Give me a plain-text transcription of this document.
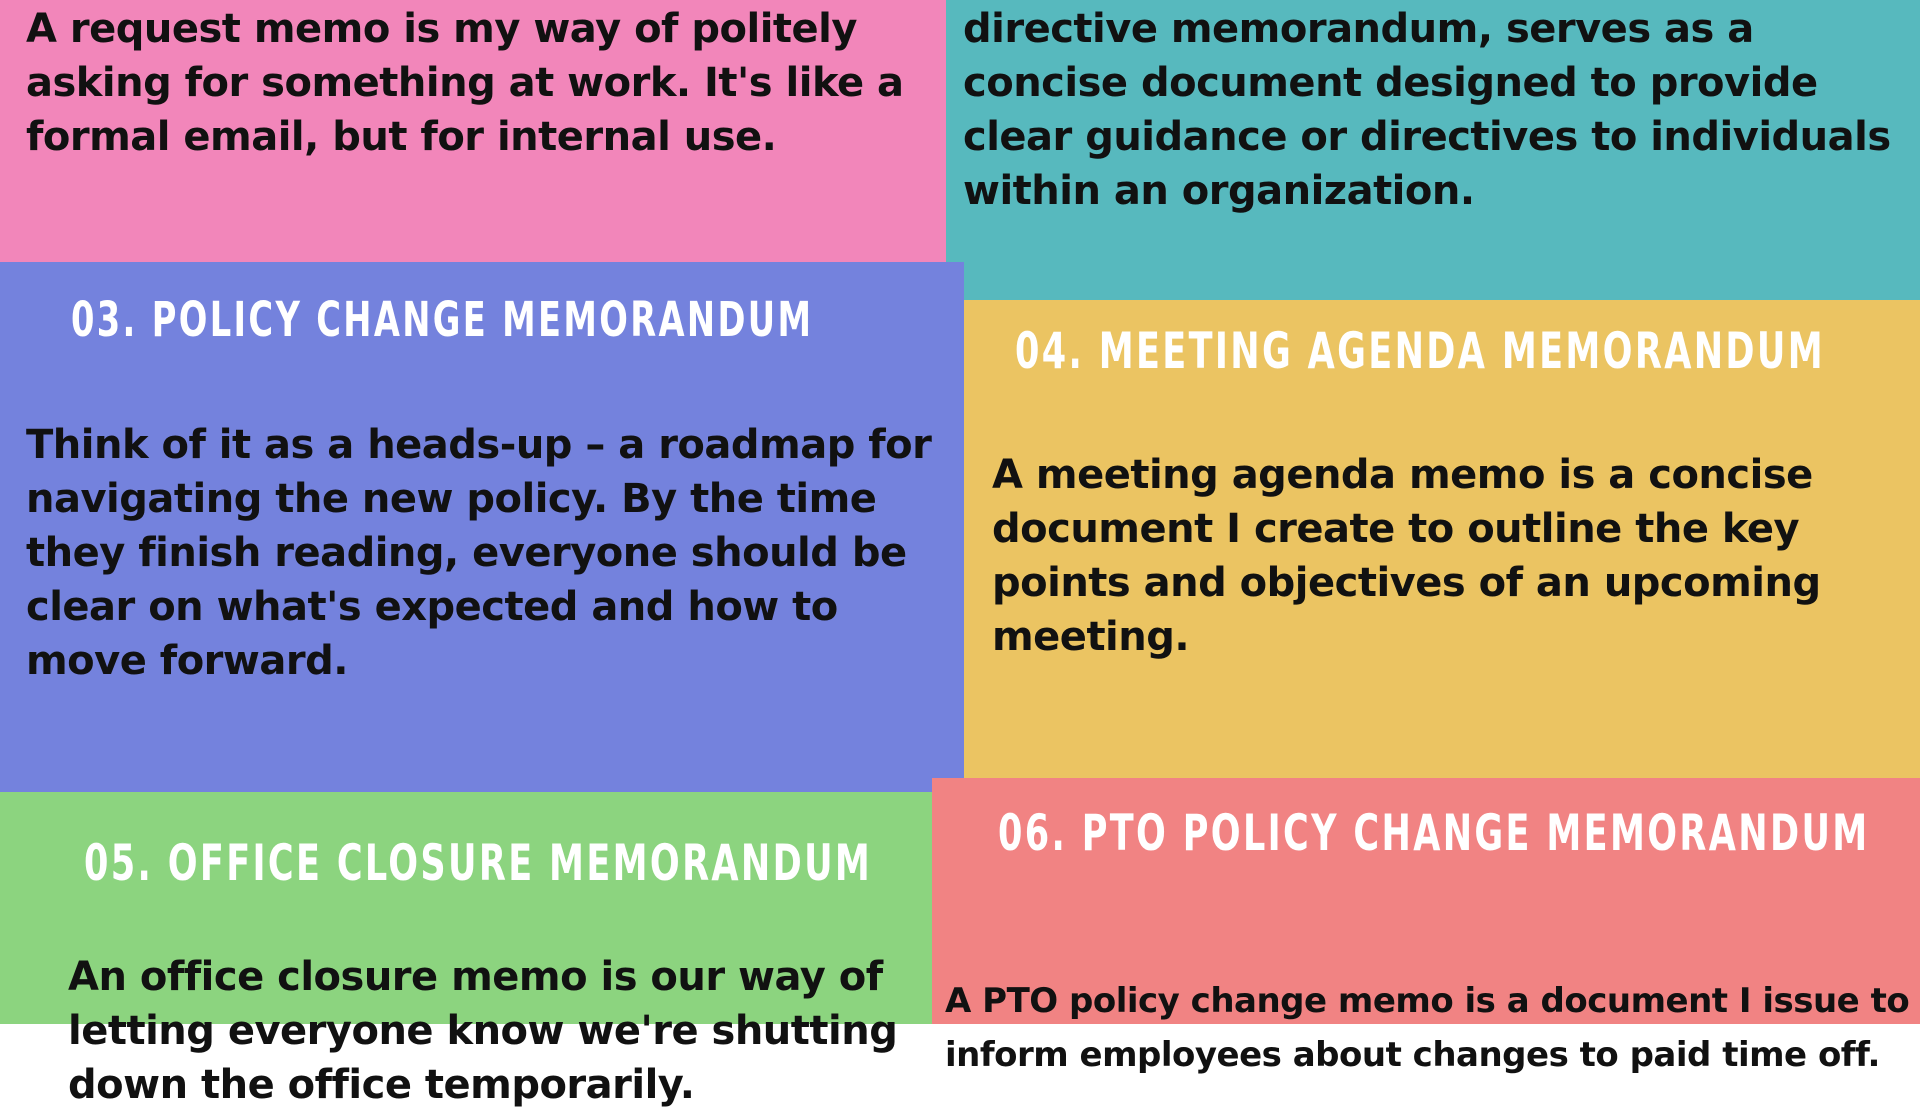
A request memo is my way of politely asking for something at work. It's like a formal email, but for internal use.

directive memorandum, serves as a concise document designed to provide clear guidance or directives to individuals within an organization.

03. POLICY CHANGE MEMORANDUM

Think of it as a heads-up – a roadmap for navigating the new policy. By the time they finish reading, everyone should be clear on what's expected and how to move forward.

04. MEETING AGENDA MEMORANDUM

A meeting agenda memo is a concise document I create to outline the key points and objectives of an upcoming meeting.

05. OFFICE CLOSURE MEMORANDUM

An office closure memo is our way of letting everyone know we're shutting down the office temporarily.

06. PTO POLICY CHANGE MEMORANDUM

A PTO policy change memo is a document I issue to inform employees about changes to paid time off.
